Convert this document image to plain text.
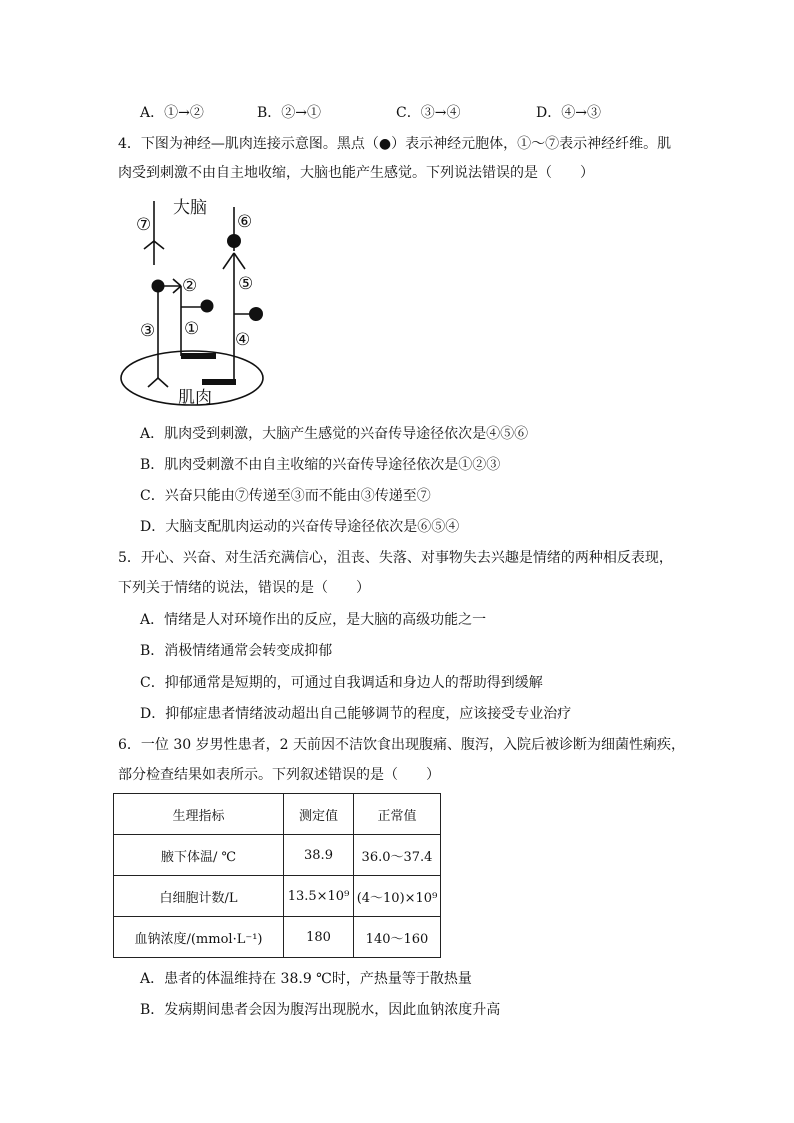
A．①→②	B．②→①	C．③→④	D．④→③
4．下图为神经—肌肉连接示意图。黑点（●）表示神经元胞体，①～⑦表示神经纤维。肌
肉受到刺激不由自主地收缩，大脑也能产生感觉。下列说法错误的是（　　）
大脑
肌肉
⑦	⑥
⑤
②
①
③	④
A．肌肉受到刺激，大脑产生感觉的兴奋传导途径依次是④⑤⑥
B．肌肉受刺激不由自主收缩的兴奋传导途径依次是①②③
C．兴奋只能由⑦传递至③而不能由③传递至⑦
D．大脑支配肌肉运动的兴奋传导途径依次是⑥⑤④
5．开心、兴奋、对生活充满信心，沮丧、失落、对事物失去兴趣是情绪的两种相反表现，
下列关于情绪的说法，错误的是（　　）
A．情绪是人对环境作出的反应，是大脑的高级功能之一
B．消极情绪通常会转变成抑郁
C．抑郁通常是短期的，可通过自我调适和身边人的帮助得到缓解
D．抑郁症患者情绪波动超出自己能够调节的程度，应该接受专业治疗
6．一位 30 岁男性患者，2 天前因不洁饮食出现腹痛、腹泻，入院后被诊断为细菌性痢疾，
部分检查结果如表所示。下列叙述错误的是（　　）
生理指标	测定值	正常值
腋下体温/ ℃	38.9	36.0～37.4
白细胞计数/L	13.5×10⁹	(4～10)×10⁹
血钠浓度/(mmol·L⁻¹)	180	140～160
A．患者的体温维持在 38.9 ℃时，产热量等于散热量
B．发病期间患者会因为腹泻出现脱水，因此血钠浓度升高
